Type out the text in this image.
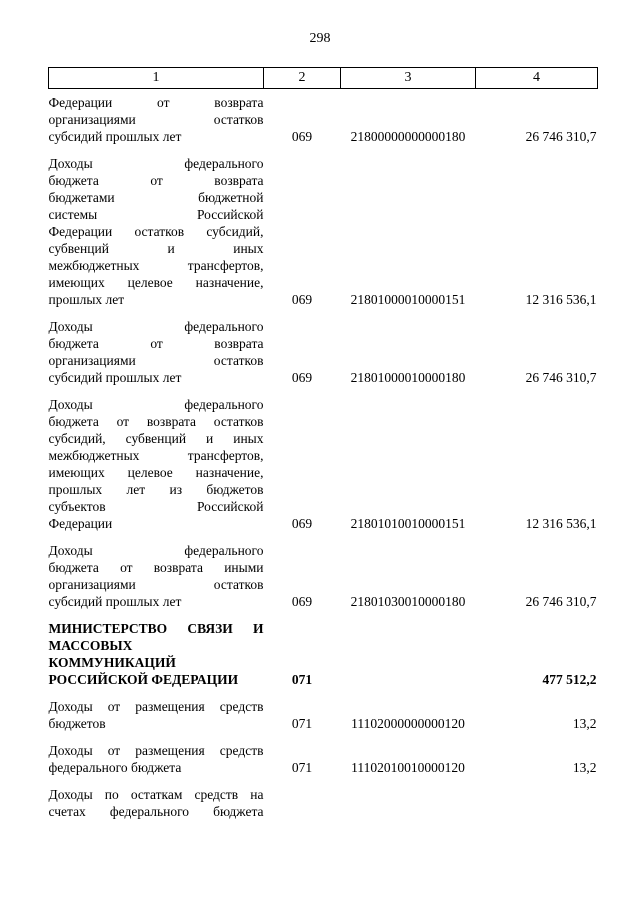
298
1	2	3	4

Федерации от возврата
организациями остатков
субсидий прошлых лет	069	21800000000000180	26 746 310,7

Доходы федерального
бюджета от возврата
бюджетами бюджетной
системы Российской
Федерации остатков субсидий,
субвенций и иных
межбюджетных трансфертов,
имеющих целевое назначение,
прошлых лет	069	21801000010000151	12 316 536,1

Доходы федерального
бюджета от возврата
организациями остатков
субсидий прошлых лет	069	21801000010000180	26 746 310,7

Доходы федерального
бюджета от возврата остатков
субсидий, субвенций и иных
межбюджетных трансфертов,
имеющих целевое назначение,
прошлых лет из бюджетов
субъектов Российской
Федерации	069	21801010010000151	12 316 536,1

Доходы федерального
бюджета от возврата иными
организациями остатков
субсидий прошлых лет	069	21801030010000180	26 746 310,7

МИНИСТЕРСТВО СВЯЗИ И
МАССОВЫХ
КОММУНИКАЦИЙ
РОССИЙСКОЙ ФЕДЕРАЦИИ	071		477 512,2

Доходы от размещения средств
бюджетов	071	11102000000000120	13,2

Доходы от размещения средств
федерального бюджета	071	11102010010000120	13,2

Доходы по остаткам средств на
счетах федерального бюджета			
